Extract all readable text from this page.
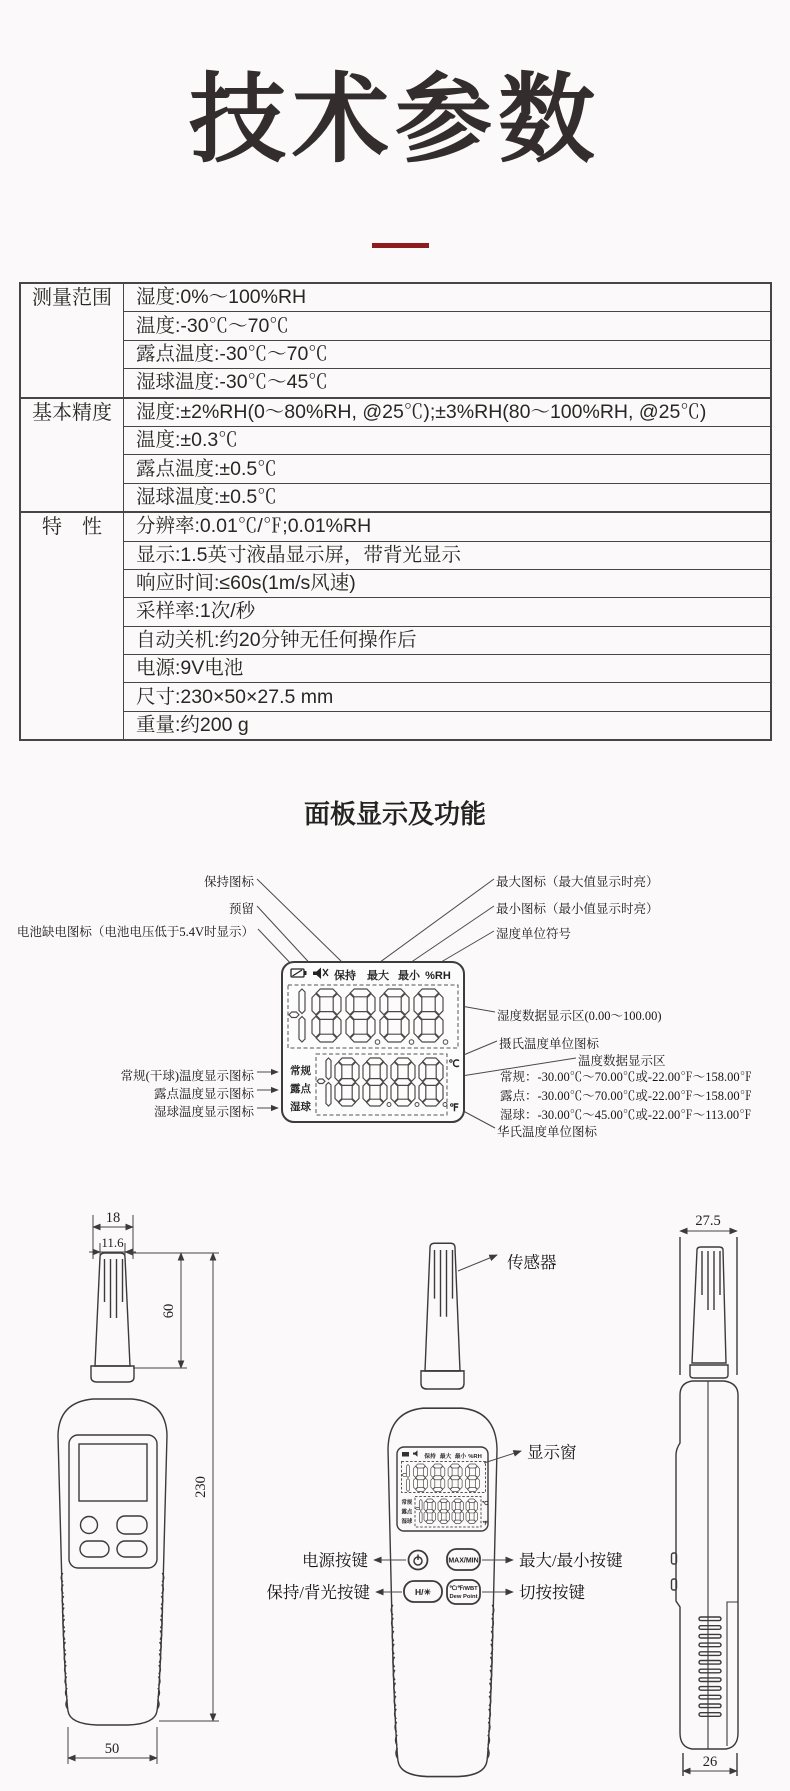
技术参数
测量范围	湿度:0%～100%RH
	温度:-30℃～70℃
	露点温度:-30℃～70℃
	湿球温度:-30℃～45℃
基本精度	湿度:±2%RH(0～80%RH, @25℃);±3%RH(80～100%RH, @25℃)
	温度:±0.3℃
	露点温度:±0.5℃
	湿球温度:±0.5℃
特　性	分辨率:0.01℃/℉;0.01%RH
	显示:1.5英寸液晶显示屏，带背光显示
	响应时间:≤60s(1m/s风速)
	采样率:1次/秒
	自动关机:约20分钟无任何操作后
	电源:9V电池
	尺寸:230×50×27.5 mm
	重量:约200 g
面板显示及功能
保持图标
预留
电池缺电图标（电池电压低于5.4V时显示）
最大图标（最大值显示时亮）
最小图标（最小值显示时亮）
湿度单位符号
湿度数据显示区(0.00～100.00)
摄氏温度单位图标
温度数据显示区
常规：-30.00℃～70.00℃或-22.00℉～158.00℉
露点：-30.00℃～70.00℃或-22.00℉～158.00℉
湿球：-30.00℃～45.00℃或-22.00℉～113.00℉
华氏温度单位图标
常规(干球)温度显示图标
露点温度显示图标
湿球温度显示图标
保持 最大 最小 %RH
常规
露点
湿球
℃
℉
18
11.6
60
230
50
保持 最大 最小 %RH
常规
露点
湿球
℃
℉
H/☀
MAX/MIN
℃/℉/WBT
Dew Point
传感器
显示窗
电源按键
保持/背光按键
最大/最小按键
切按按键
27.5
26
